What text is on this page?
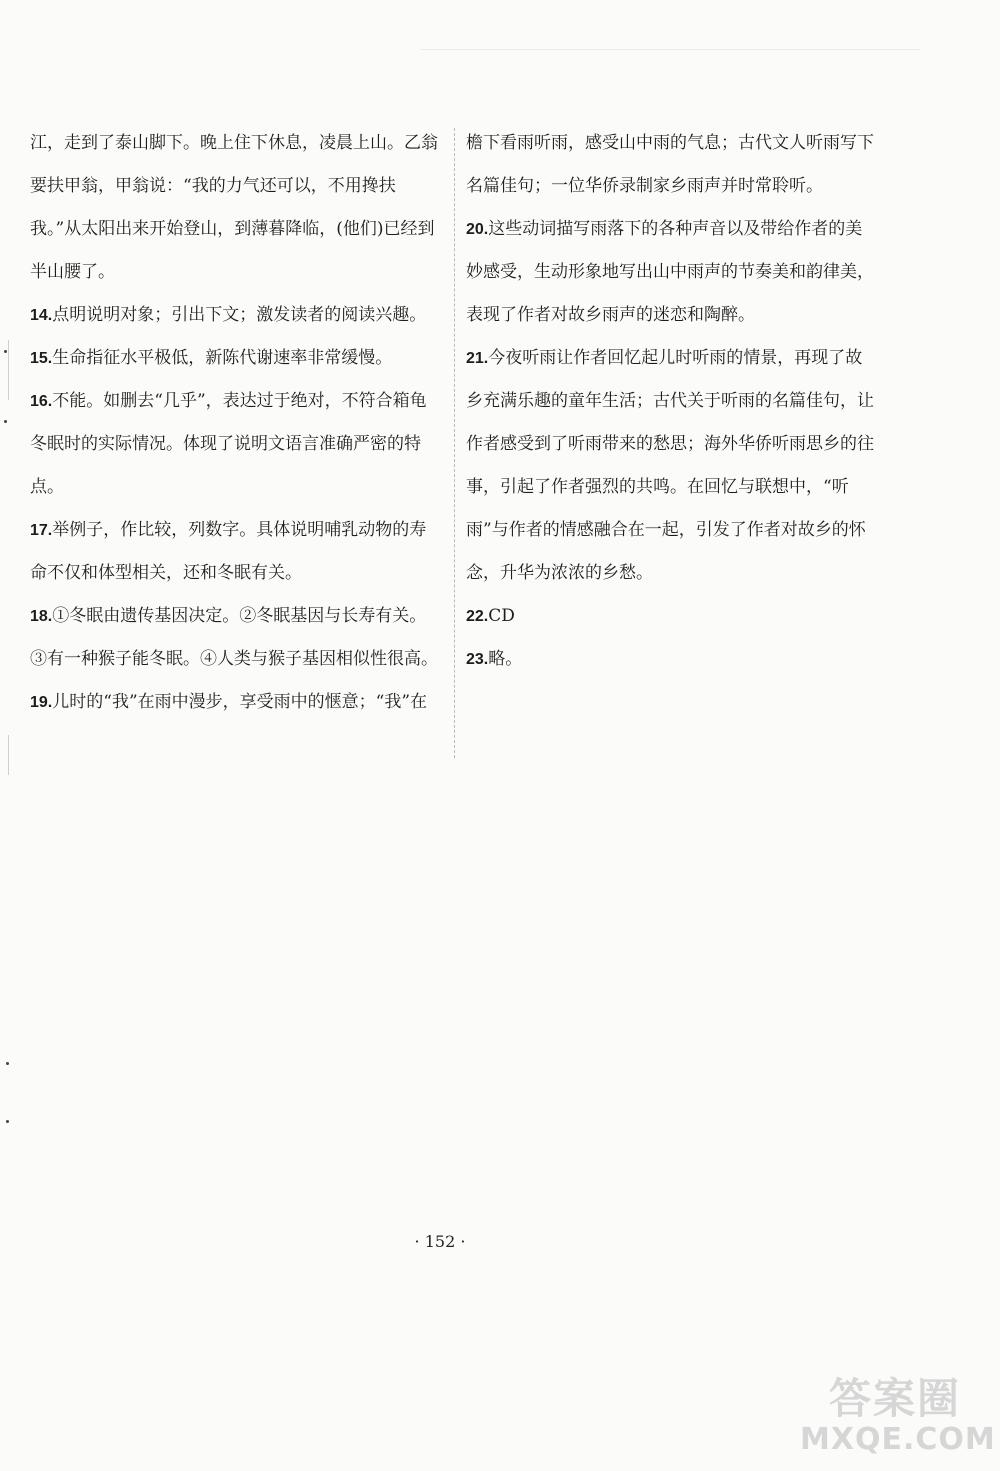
江，走到了泰山脚下。晚上住下休息，凌晨上山。乙翁要扶甲翁，甲翁说：“我的力气还可以，不用搀扶我。”从太阳出来开始登山，到薄暮降临，(他们)已经到半山腰了。
14.点明说明对象；引出下文；激发读者的阅读兴趣。
15.生命指征水平极低，新陈代谢速率非常缓慢。
16.不能。如删去“几乎”，表达过于绝对，不符合箱龟冬眠时的实际情况。体现了说明文语言准确严密的特点。
17.举例子，作比较，列数字。具体说明哺乳动物的寿命不仅和体型相关，还和冬眠有关。
18.①冬眠由遗传基因决定。②冬眠基因与长寿有关。③有一种猴子能冬眠。④人类与猴子基因相似性很高。
19.儿时的“我”在雨中漫步，享受雨中的惬意；“我”在
檐下看雨听雨，感受山中雨的气息；古代文人听雨写下名篇佳句；一位华侨录制家乡雨声并时常聆听。
20.这些动词描写雨落下的各种声音以及带给作者的美妙感受，生动形象地写出山中雨声的节奏美和韵律美，表现了作者对故乡雨声的迷恋和陶醉。
21.今夜听雨让作者回忆起儿时听雨的情景，再现了故乡充满乐趣的童年生活；古代关于听雨的名篇佳句，让作者感受到了听雨带来的愁思；海外华侨听雨思乡的往事，引起了作者强烈的共鸣。在回忆与联想中，“听雨”与作者的情感融合在一起，引发了作者对故乡的怀念，升华为浓浓的乡愁。
22.CD
23.略。
· 152 ·
答案圈
MXQE.COM
